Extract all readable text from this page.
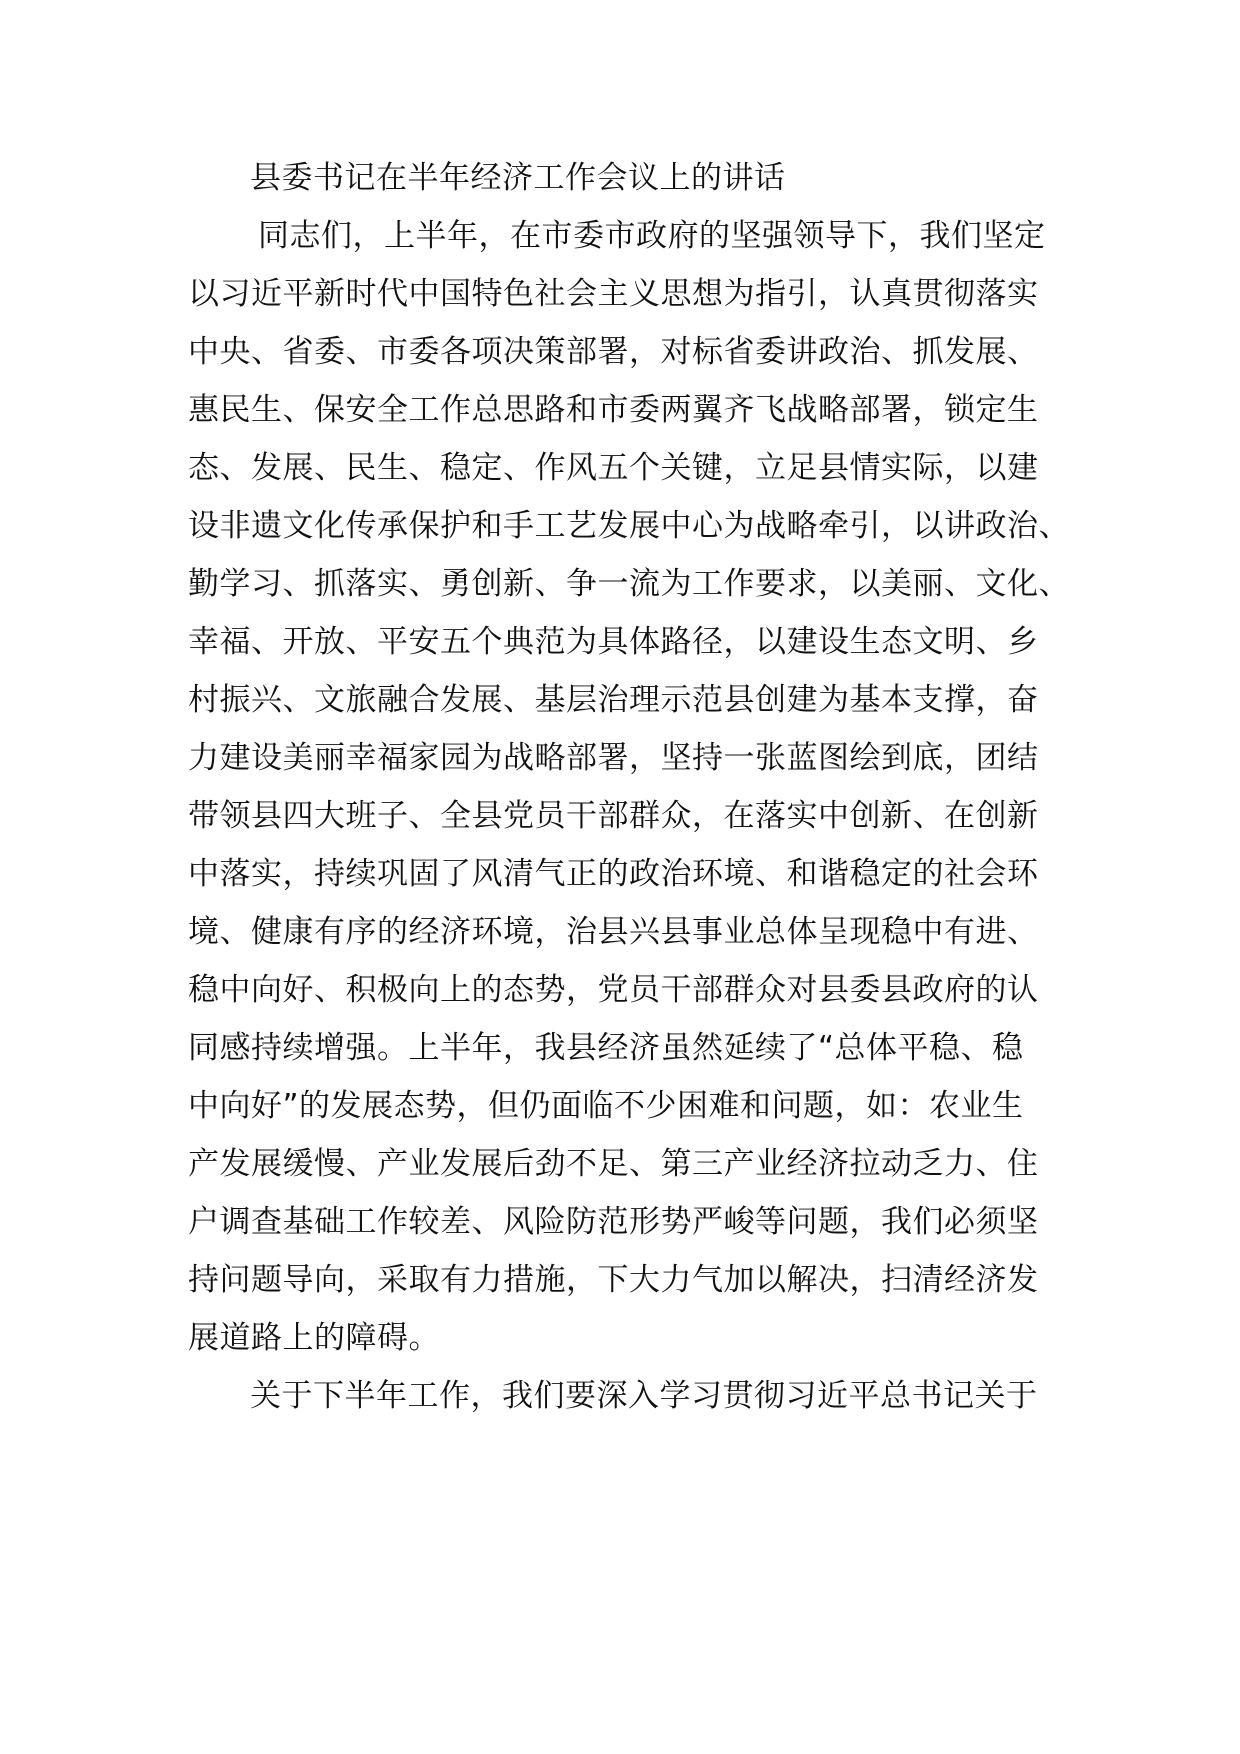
县委书记在半年经济工作会议上的讲话
同志们，上半年，在市委市政府的坚强领导下，我们坚定
以习近平新时代中国特色社会主义思想为指引，认真贯彻落实
中央、省委、市委各项决策部署，对标省委讲政治、抓发展、
惠民生、保安全工作总思路和市委两翼齐飞战略部署，锁定生
态、发展、民生、稳定、作风五个关键，立足县情实际，以建
设非遗文化传承保护和手工艺发展中心为战略牵引，以讲政治、
勤学习、抓落实、勇创新、争一流为工作要求，以美丽、文化、
幸福、开放、平安五个典范为具体路径，以建设生态文明、乡
村振兴、文旅融合发展、基层治理示范县创建为基本支撑，奋
力建设美丽幸福家园为战略部署，坚持一张蓝图绘到底，团结
带领县四大班子、全县党员干部群众，在落实中创新、在创新
中落实，持续巩固了风清气正的政治环境、和谐稳定的社会环
境、健康有序的经济环境，治县兴县事业总体呈现稳中有进、
稳中向好、积极向上的态势，党员干部群众对县委县政府的认
同感持续增强。上半年，我县经济虽然延续了“总体平稳、稳
中向好”的发展态势，但仍面临不少困难和问题，如：农业生
产发展缓慢、产业发展后劲不足、第三产业经济拉动乏力、住
户调查基础工作较差、风险防范形势严峻等问题，我们必须坚
持问题导向，采取有力措施，下大力气加以解决，扫清经济发
展道路上的障碍。
关于下半年工作，我们要深入学习贯彻习近平总书记关于
